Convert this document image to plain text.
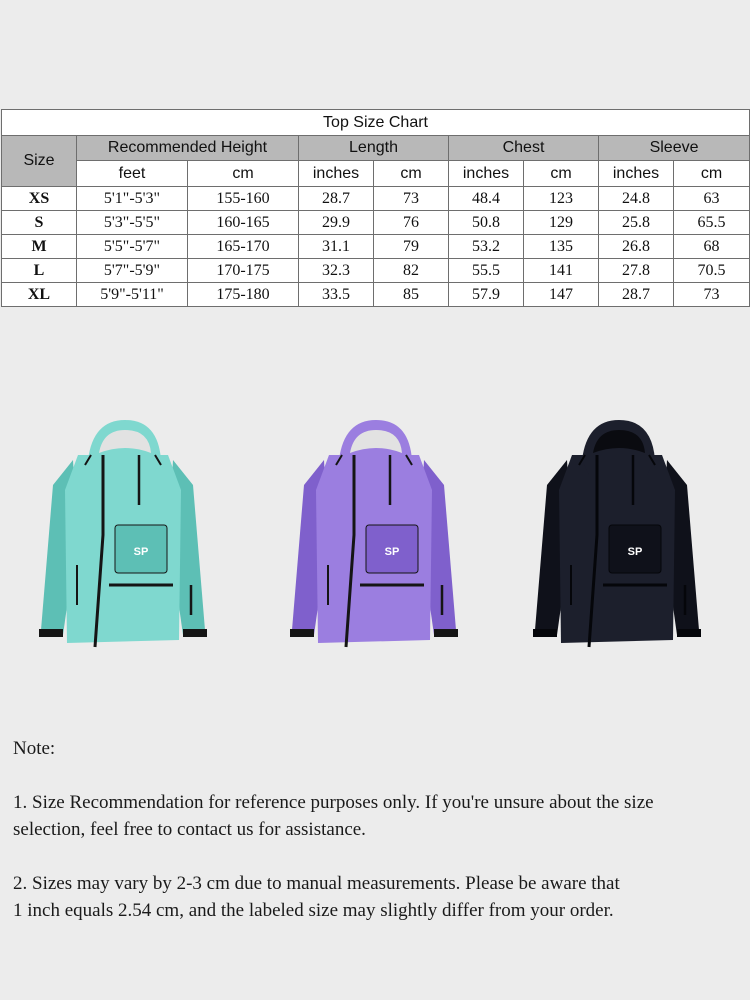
Top Size Chart								
Size	Recommended Height		Length		Chest		Sleeve	
	feet	cm	inches	cm	inches	cm	inches	cm
XS	5'1"-5'3"	155-160	28.7	73	48.4	123	24.8	63
S	5'3"-5'5"	160-165	29.9	76	50.8	129	25.8	65.5
M	5'5"-5'7"	165-170	31.1	79	53.2	135	26.8	68
L	5'7"-5'9"	170-175	32.3	82	55.5	141	27.8	70.5
XL	5'9"-5'11"	175-180	33.5	85	57.9	147	28.7	73
SP	SP	SP

Note:

1. Size Recommendation for reference purposes only. If you're unsure about the size

selection, feel free to contact us for assistance.

2. Sizes may vary by 2-3 cm due to manual measurements. Please be aware that

1 inch equals 2.54 cm, and the labeled size may slightly differ from your order.
